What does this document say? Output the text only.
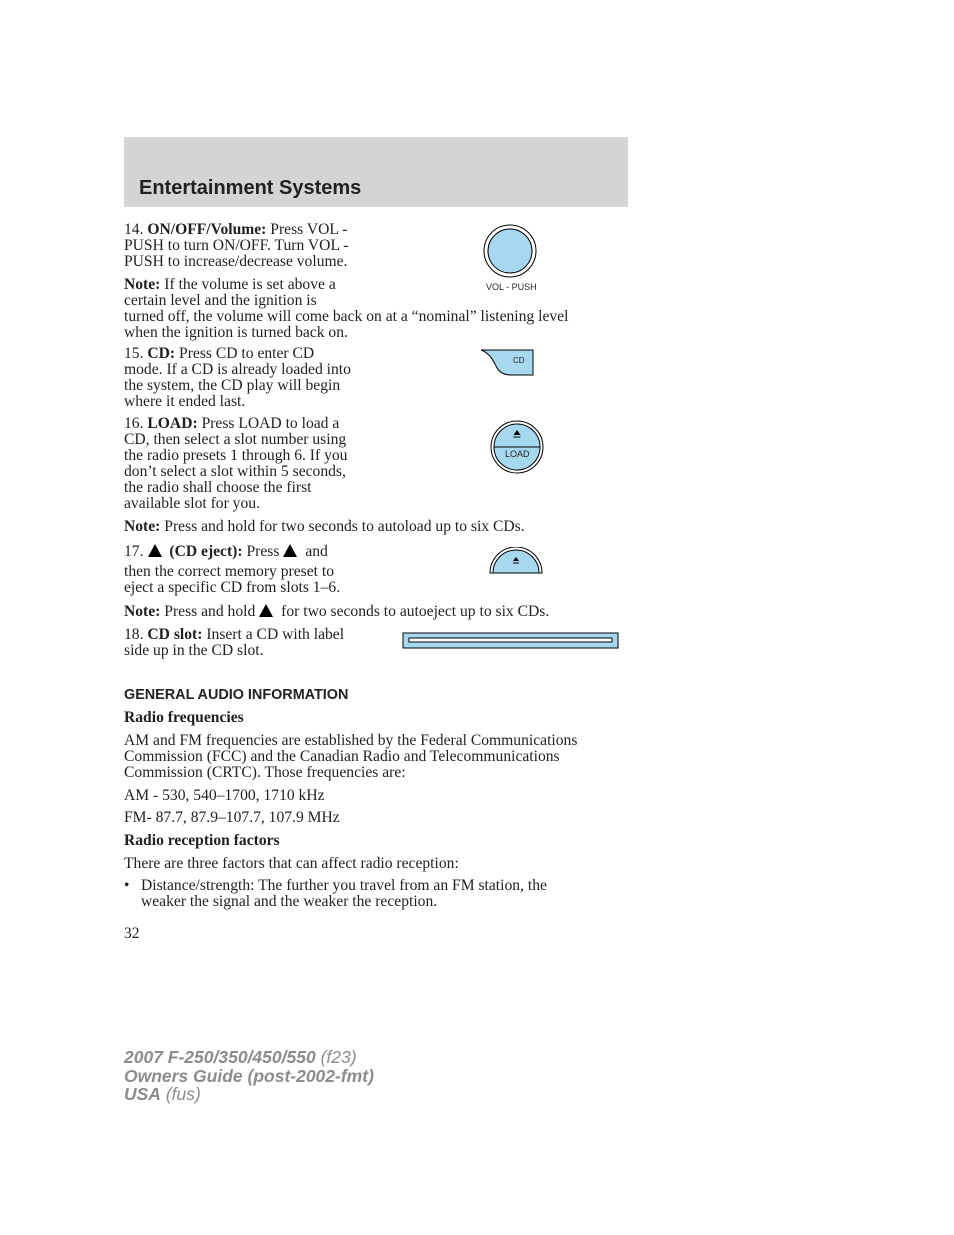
Entertainment Systems
14. ON/OFF/Volume: Press VOL -
PUSH to turn ON/OFF. Turn VOL -
PUSH to increase/decrease volume.
VOL - PUSH
Note: If the volume is set above a
certain level and the ignition is
turned off, the volume will come back on at a “nominal” listening level
when the ignition is turned back on.
15. CD: Press CD to enter CD
mode. If a CD is already loaded into
the system, the CD play will begin
where it ended last.
CD
16. LOAD: Press LOAD to load a
CD, then select a slot number using
the radio presets 1 through 6. If you
don’t select a slot within 5 seconds,
the radio shall choose the first
available slot for you.
LOAD
Note: Press and hold for two seconds to autoload up to six CDs.
17. (CD eject): Press and
then the correct memory preset to
eject a specific CD from slots 1–6.
Note: Press and hold for two seconds to autoeject up to six CDs.
18. CD slot: Insert a CD with label
side up in the CD slot.
GENERAL AUDIO INFORMATION
Radio frequencies
AM and FM frequencies are established by the Federal Communications
Commission (FCC) and the Canadian Radio and Telecommunications
Commission (CRTC). Those frequencies are:
AM - 530, 540–1700, 1710 kHz
FM- 87.7, 87.9–107.7, 107.9 MHz
Radio reception factors
There are three factors that can affect radio reception:
• Distance/strength: The further you travel from an FM station, the
weaker the signal and the weaker the reception.
32
2007 F-250/350/450/550 (f23)
Owners Guide (post-2002-fmt)
USA (fus)
